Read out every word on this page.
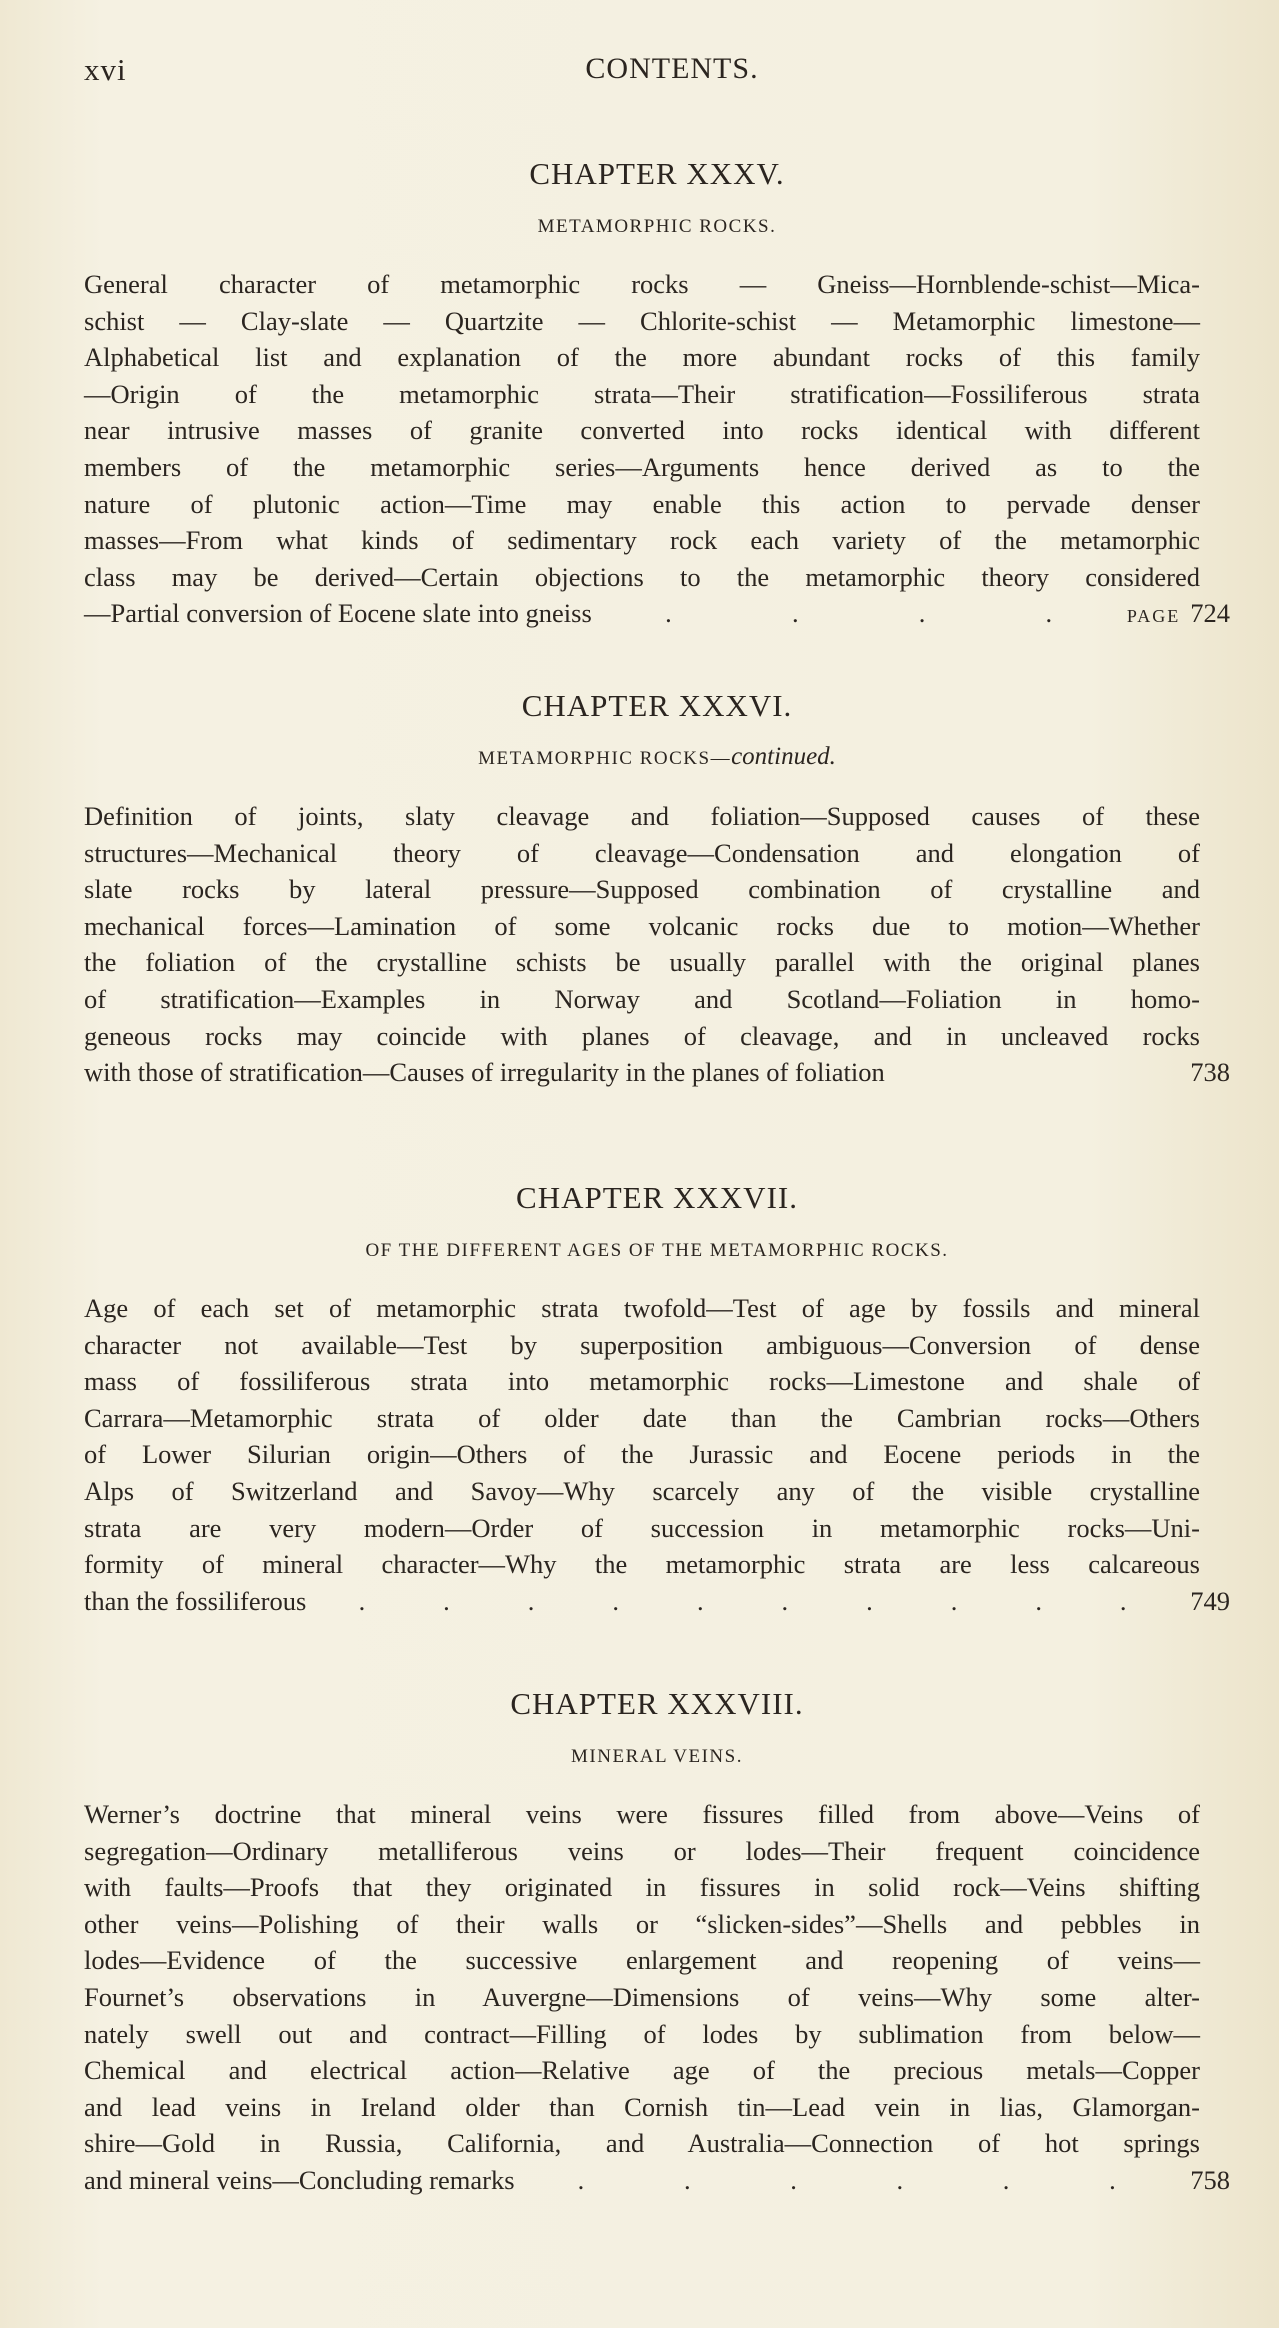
xvi	CONTENTS.
CHAPTER XXXV.
METAMORPHIC ROCKS.
General character of metamorphic rocks — Gneiss—Hornblende-schist—Mica-
schist — Clay-slate — Quartzite — Chlorite-schist — Metamorphic limestone—
Alphabetical list and explanation of the more abundant rocks of this family
—Origin of the metamorphic strata—Their stratification—Fossiliferous strata
near intrusive masses of granite converted into rocks identical with different
members of the metamorphic series—Arguments hence derived as to the
nature of plutonic action—Time may enable this action to pervade denser
masses—From what kinds of sedimentary rock each variety of the metamorphic
class may be derived—Certain objections to the metamorphic theory considered
—Partial conversion of Eocene slate into gneiss	.	.	.	.	PAGE 724
CHAPTER XXXVI.
METAMORPHIC ROCKS—continued.
Definition of joints, slaty cleavage and foliation—Supposed causes of these
structures—Mechanical theory of cleavage—Condensation and elongation of
slate rocks by lateral pressure—Supposed combination of crystalline and
mechanical forces—Lamination of some volcanic rocks due to motion—Whether
the foliation of the crystalline schists be usually parallel with the original planes
of stratification—Examples in Norway and Scotland—Foliation in homo-
geneous rocks may coincide with planes of cleavage, and in uncleaved rocks
with those of stratification—Causes of irregularity in the planes of foliation	738
CHAPTER XXXVII.
OF THE DIFFERENT AGES OF THE METAMORPHIC ROCKS.
Age of each set of metamorphic strata twofold—Test of age by fossils and mineral
character not available—Test by superposition ambiguous—Conversion of dense
mass of fossiliferous strata into metamorphic rocks—Limestone and shale of
Carrara—Metamorphic strata of older date than the Cambrian rocks—Others
of Lower Silurian origin—Others of the Jurassic and Eocene periods in the
Alps of Switzerland and Savoy—Why scarcely any of the visible crystalline
strata are very modern—Order of succession in metamorphic rocks—Uni-
formity of mineral character—Why the metamorphic strata are less calcareous
than the fossiliferous .	.	.	.	.	.	.	.	.	.	749
CHAPTER XXXVIII.
MINERAL VEINS.
Werner’s doctrine that mineral veins were fissures filled from above—Veins of
segregation—Ordinary metalliferous veins or lodes—Their frequent coincidence
with faults—Proofs that they originated in fissures in solid rock—Veins shifting
other veins—Polishing of their walls or “slicken-sides”—Shells and pebbles in
lodes—Evidence of the successive enlargement and reopening of veins—
Fournet’s observations in Auvergne—Dimensions of veins—Why some alter-
nately swell out and contract—Filling of lodes by sublimation from below—
Chemical and electrical action—Relative age of the precious metals—Copper
and lead veins in Ireland older than Cornish tin—Lead vein in lias, Glamorgan-
shire—Gold in Russia, California, and Australia—Connection of hot springs
and mineral veins—Concluding remarks .	.	.	.	.	.	758
